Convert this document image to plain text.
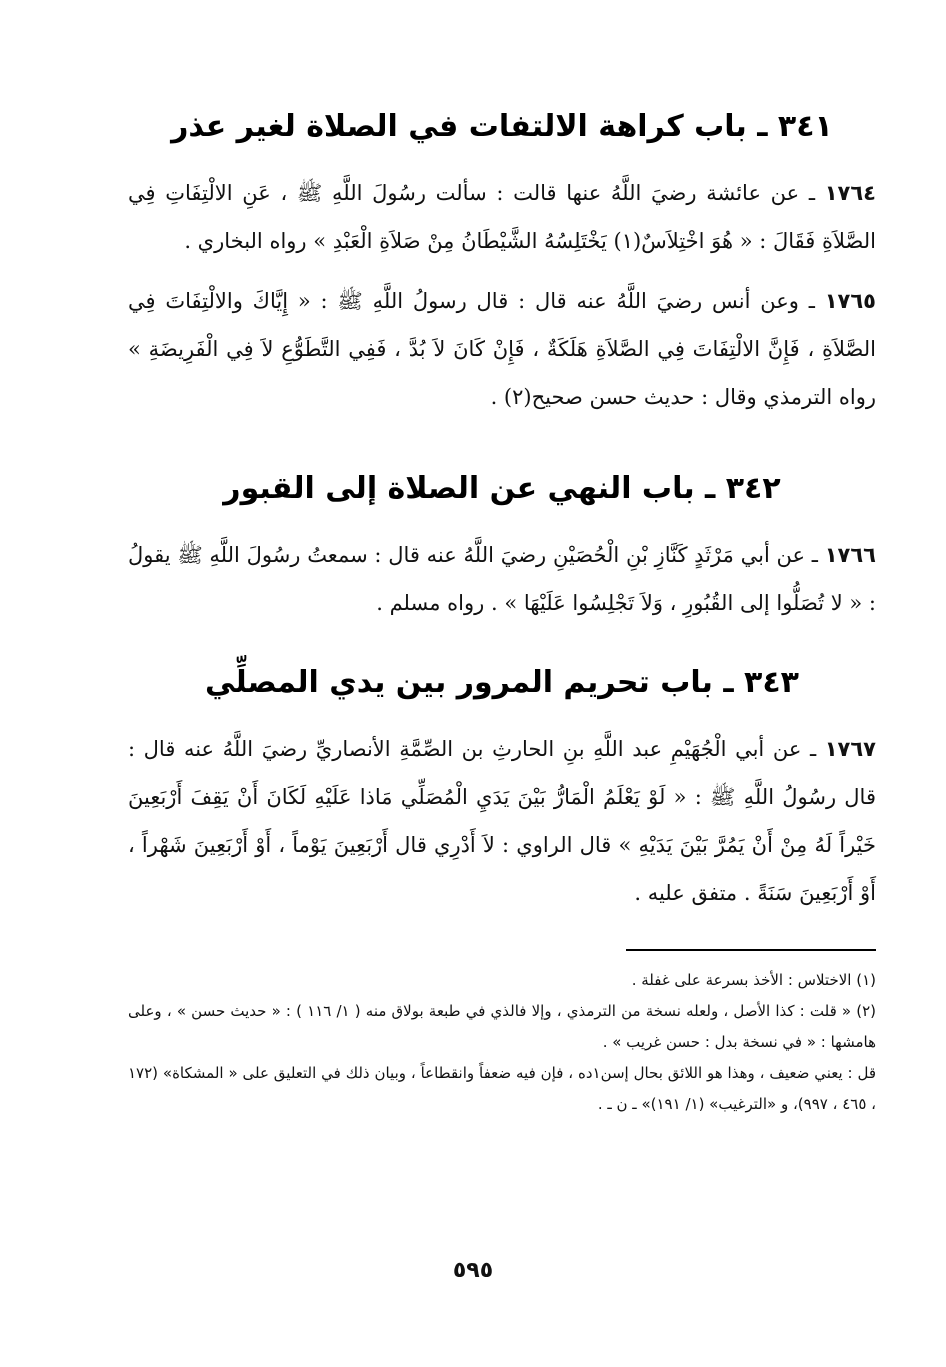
٣٤١ ـ باب كراهة الالتفات في الصلاة لغير عذر

١٧٦٤ ـ عن عائشة رضيَ اللَّهُ عنها قالت : سألت رسُولَ اللَّهِ ﷺ ، عَنِ الالْتِفَاتِ فِي الصَّلاَةِ فَقَالَ : « هُوَ اخْتِلاَسٌ(١) يَخْتَلِسُهُ الشَّيْطَانُ مِنْ صَلاَةِ الْعَبْدِ » رواه البخاري .

١٧٦٥ ـ وعن أنس رضيَ اللَّهُ عنه قال : قال رسولُ اللَّهِ ﷺ : « إِيَّاكَ والالْتِفَاتَ فِي الصَّلاَةِ ، فَإِنَّ الالْتِفَاتَ فِي الصَّلاَةِ هَلَكَةٌ ، فَإِنْ كَانَ لاَ بُدَّ ، فَفِي التَّطَوُّعِ لاَ فِي الْفَرِيضَةِ » رواه الترمذي وقال : حديث حسن صحيح(٢) .

٣٤٢ ـ باب النهي عن الصلاة إلى القبور

١٧٦٦ ـ عن أبي مَرْثَدٍ كَنَّازِ بْنِ الْحُصَيْنِ رضيَ اللَّهُ عنه قال : سمعتُ رسُولَ اللَّهِ ﷺ يقولُ : « لا تُصَلُّوا إلى القُبُورِ ، وَلاَ تَجْلِسُوا عَلَيْهَا » . رواه مسلم .

٣٤٣ ـ باب تحريم المرور بين يدي المصلِّي

١٧٦٧ ـ عن أبي الْجُهَيْمِ عبد اللَّهِ بنِ الحارثِ بن الصِّمَّةِ الأنصاريِّ رضيَ اللَّهُ عنه قال : قال رسُولُ اللَّهِ ﷺ : « لَوْ يَعْلَمُ الْمَارُّ بَيْنَ يَدَيِ الْمُصَلِّي مَاذا عَلَيْهِ لَكَانَ أَنْ يَقِفَ أَرْبَعِينَ خَيْراً لَهُ مِنْ أَنْ يَمُرَّ بَيْنَ يَدَيْهِ » قال الراوي : لاَ أَدْرِي قال أَرْبَعِينَ يَوْماً ، أَوْ أَرْبَعِينَ شَهْراً ، أَوْ أَرْبَعِينَ سَنَةً . متفق عليه .

(١) الاختلاس : الأخذ بسرعة على غفلة .

(٢) « قلت : كذا الأصل ، ولعله نسخة من الترمذي ، وإلا فالذي في طبعة بولاق منه ( ١/ ١١٦ ) : « حديث حسن » ، وعلى هامشها : « في نسخة بدل : حسن غريب » .

قل : يعني ضعيف ، وهذا هو اللائق بحال إسن١ده ، فإن فيه ضعفاً وانقطاعاً ، وبيان ذلك في التعليق على « المشكاة» (١٧٢ ، ٤٦٥ ، ٩٩٧)، و «الترغيب» (١/ ١٩١)» ـ ن ـ .

٥٩٥
